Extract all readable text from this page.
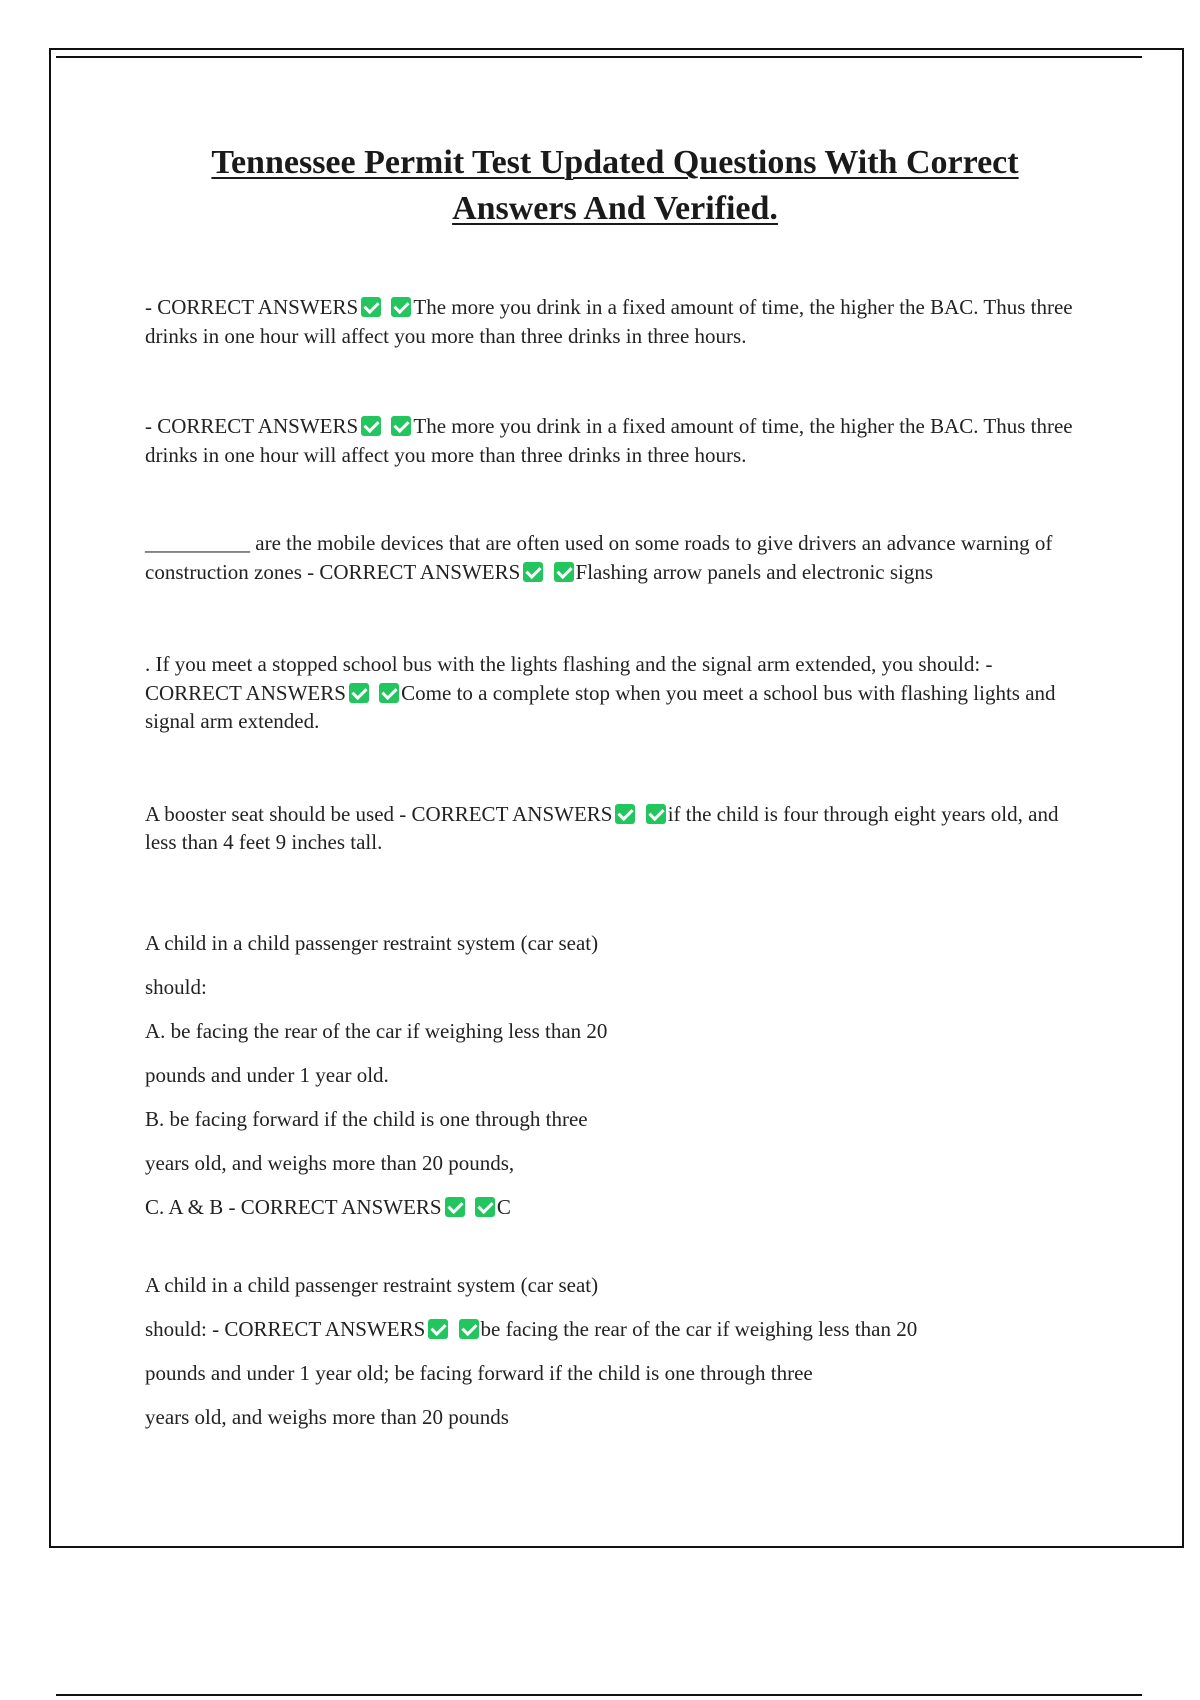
Tennessee Permit Test Updated Questions With Correct
Answers And Verified.

- CORRECT ANSWERS	The more you drink in a fixed amount of time, the higher the BAC. Thus three drinks in one hour will affect you more than three drinks in three hours.

- CORRECT ANSWERS	The more you drink in a fixed amount of time, the higher the BAC. Thus three drinks in one hour will affect you more than three drinks in three hours.

__________ are the mobile devices that are often used on some roads to give drivers an advance warning of construction zones - CORRECT ANSWERS	Flashing arrow panels and electronic signs

. If you meet a stopped school bus with the lights flashing and the signal arm extended, you should: - CORRECT ANSWERS	Come to a complete stop when you meet a school bus with flashing lights and signal arm extended.

A booster seat should be used - CORRECT ANSWERS	if the child is four through eight years old, and less than 4 feet 9 inches tall.

A child in a child passenger restraint system (car seat)
should:
A. be facing the rear of the car if weighing less than 20
pounds and under 1 year old.
B. be facing forward if the child is one through three
years old, and weighs more than 20 pounds,
C. A & B - CORRECT ANSWERS	C

A child in a child passenger restraint system (car seat)
should: - CORRECT ANSWERS	be facing the rear of the car if weighing less than 20
pounds and under 1 year old; be facing forward if the child is one through three
years old, and weighs more than 20 pounds
